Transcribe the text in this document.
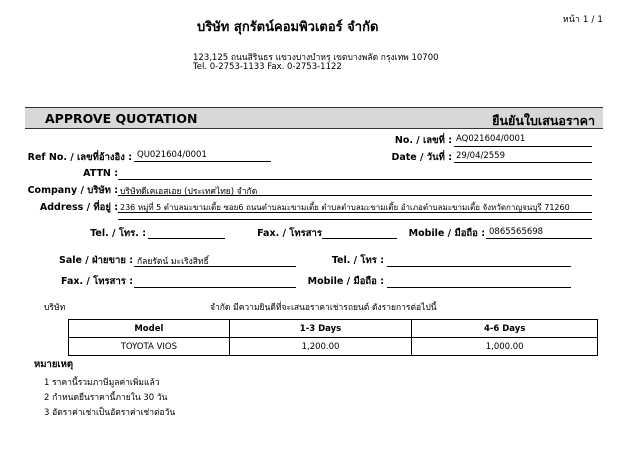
บริษัท สุกรัตน์คอมพิวเตอร์ จำกัด	หน้า 1 / 1
123,125 ถนนสิรินธร แขวงบางบำหรุ เขตบางพลัด กรุงเทพ 10700
Tel. 0-2753-1133 Fax. 0-2753-1122
APPROVE QUOTATION	ยืนยันใบเสนอราคา
No. / เลขที่ : AQ021604/0001
Ref No. / เลขที่อ้างอิง : QU021604/0001	Date / วันที่ : 29/04/2559
ATTN :
Company / บริษัท : บริษัทดีเคเอสเอย (ประเทศไทย) จำกัด
Address / ที่อยู่ : 236 หมู่ที่ 5 ตำบลมะขามเตี้ย ซอย6 ถนนตำบลมะขามเตี้ย ตำบลตำบลมะขามเตี้ย อำเภอตำบลมะขามเตี้ย จังหวัดกาญจนบุรี 71260
Tel. / โทร. :	Fax. / โทรสาร	Mobile / มือถือ : 0865565698
Sale / ฝ่ายขาย : กัลยรัตน์ มะเริงสิทธิ์	Tel. / โทร :
Fax. / โทรสาร :	Mobile / มือถือ :
บริษัท	จำกัด มีความยินดีที่จะเสนอราคาเช่ารถยนต์ ดังรายการต่อไปนี้
Model	1-3 Days	4-6 Days
TOYOTA VIOS	1,200.00	1,000.00
หมายเหตุ
1 ราคานี้รวมภาษีมูลค่าเพิ่มแล้ว
2 กำหนดยืนราคานี้ภายใน 30 วัน
3 อัตราค่าเช่าเป็นอัตราค่าเช่าต่อวัน
